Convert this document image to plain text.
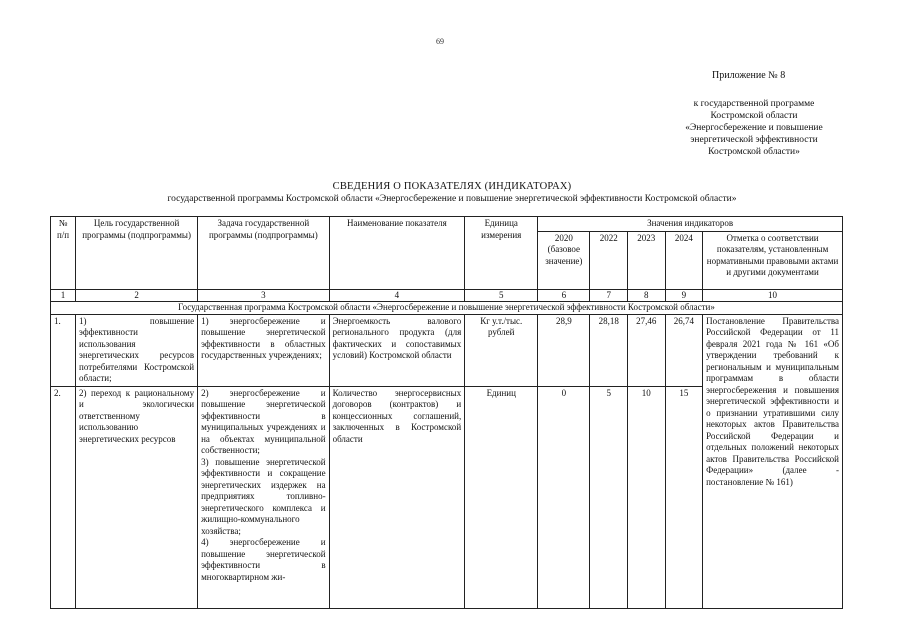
69
Приложение № 8
к государственной программе
Костромской области
«Энергосбережение и повышение
энергетической эффективности
Костромской области»
СВЕДЕНИЯ О ПОКАЗАТЕЛЯХ (ИНДИКАТОРАХ)
государственной программы Костромской области «Энергосбережение и повышение энергетической эффективности Костромской области»
№
п/п	Цель государственной программы (подпрограммы)	Задача государственной программы (подпрограммы)	Наименование показателя	Единица измерения	Значения индикаторов				
					2020 (базовое значение)	2022	2023	2024	Отметка о соответствии показателям, установленным нормативными правовыми актами и другими документами
1	2	3	4	5	6	7	8	9	10
Государственная программа Костромской области «Энергосбережение и повышение энергетической эффективности Костромской области»									
1.	1) повышение эффективности использования энергетических ресурсов потребителями Костромской области;	1) энергосбережение и повышение энергетической эффективности в областных государственных учреждениях;	Энергоемкость валового регионального продукта (для фактических и сопоставимых условий) Костромской области	Кг у.т./тыс. рублей	28,9	28,18	27,46	26,74	Постановление Правительства Российской Федерации от 11 февраля 2021 года № 161 «Об утверждении требований к региональным и муниципальным программам в области энергосбережения и повышения энергетической эффективности и о признании утратившими силу некоторых актов Правительства Российской Федерации и отдельных положений некоторых актов Правительства Российской Федерации» (далее - постановление № 161)
2.	2) переход к рациональному и экологически ответственному использованию энергетических ресурсов	2) энергосбережение и повышение энергетической эффективности в муниципальных учреждениях и на объектах муниципальной собственности;
3) повышение энергетической эффективности и сокращение энергетических издержек на предприятиях топливно-энергетического комплекса и жилищно-коммунального хозяйства;
4) энергосбережение и повышение энергетической эффективности в многоквартирном жи-	Количество энергосервисных договоров (контрактов) и концессионных соглашений, заключенных в Костромской области	Единиц	0	5	10	15	
